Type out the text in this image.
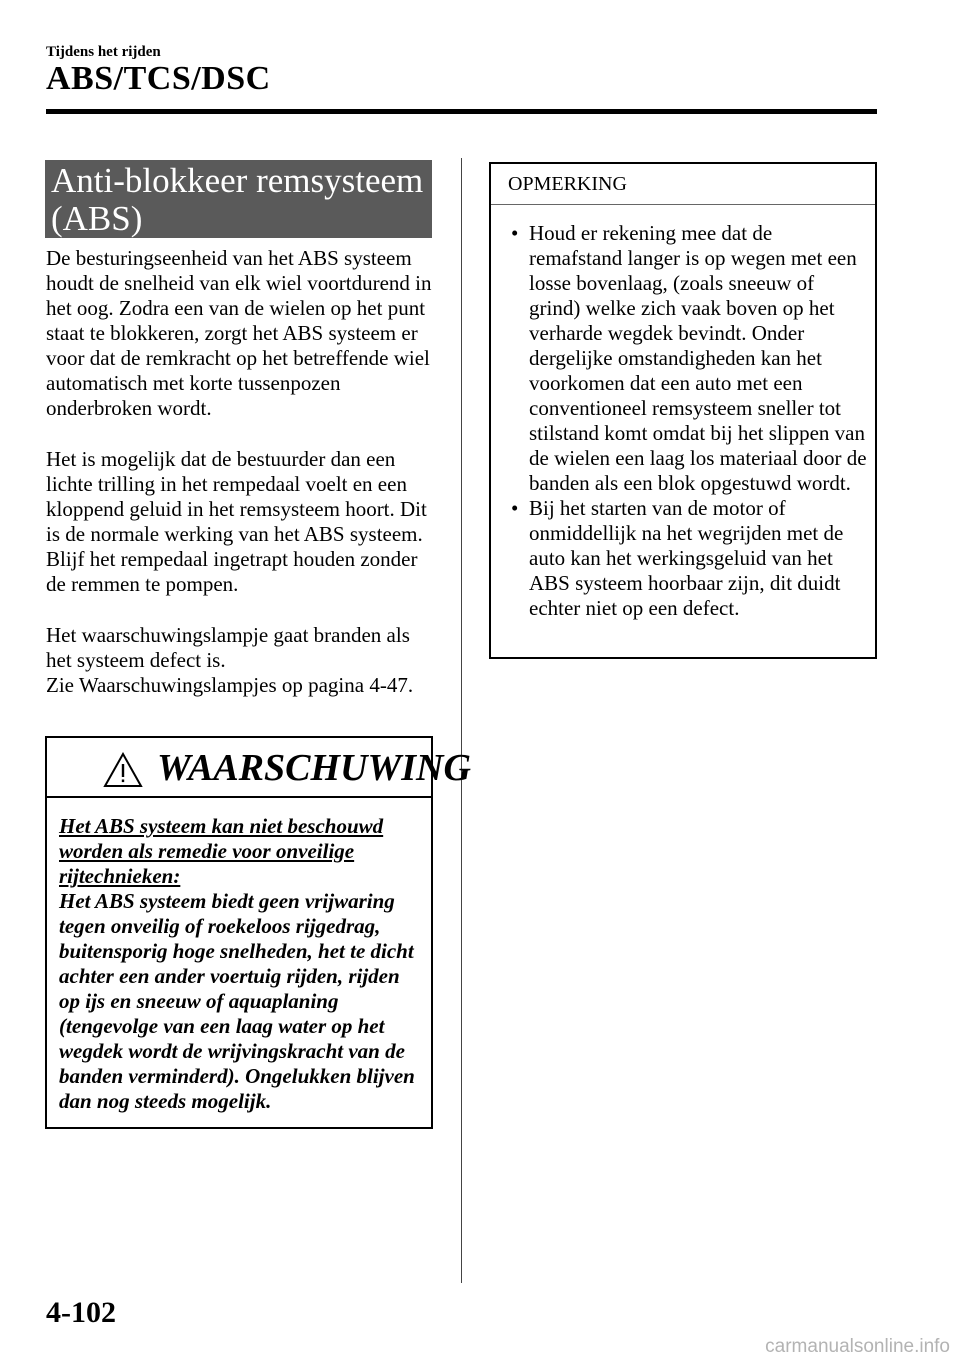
Tijdens het rijden
ABS/TCS/DSC
Anti-blokkeer remsysteem
(ABS)
De besturingseenheid van het ABS systeem houdt de snelheid van elk wiel voortdurend in het oog. Zodra een van de wielen op het punt staat te blokkeren, zorgt het ABS systeem er voor dat de remkracht op het betreffende wiel automatisch met korte tussenpozen onderbroken wordt.
Het is mogelijk dat de bestuurder dan een lichte trilling in het rempedaal voelt en een kloppend geluid in het remsysteem hoort. Dit is de normale werking van het ABS systeem. Blijf het rempedaal ingetrapt houden zonder de remmen te pompen.
Het waarschuwingslampje gaat branden als het systeem defect is.
Zie Waarschuwingslampjes op pagina 4-47.
WAARSCHUWING
Het ABS systeem kan niet beschouwd worden als remedie voor onveilige rijtechnieken:
Het ABS systeem biedt geen vrijwaring tegen onveilig of roekeloos rijgedrag, buitensporig hoge snelheden, het te dicht achter een ander voertuig rijden, rijden op ijs en sneeuw of aquaplaning (tengevolge van een laag water op het wegdek wordt de wrijvingskracht van de banden verminderd). Ongelukken blijven dan nog steeds mogelijk.
OPMERKING
• Houd er rekening mee dat de remafstand langer is op wegen met een losse bovenlaag, (zoals sneeuw of grind) welke zich vaak boven op het verharde wegdek bevindt. Onder dergelijke omstandigheden kan het voorkomen dat een auto met een conventioneel remsysteem sneller tot stilstand komt omdat bij het slippen van de wielen een laag los materiaal door de banden als een blok opgestuwd wordt.
• Bij het starten van de motor of onmiddellijk na het wegrijden met de auto kan het werkingsgeluid van het ABS systeem hoorbaar zijn, dit duidt echter niet op een defect.
4-102
carmanualsonline.info
